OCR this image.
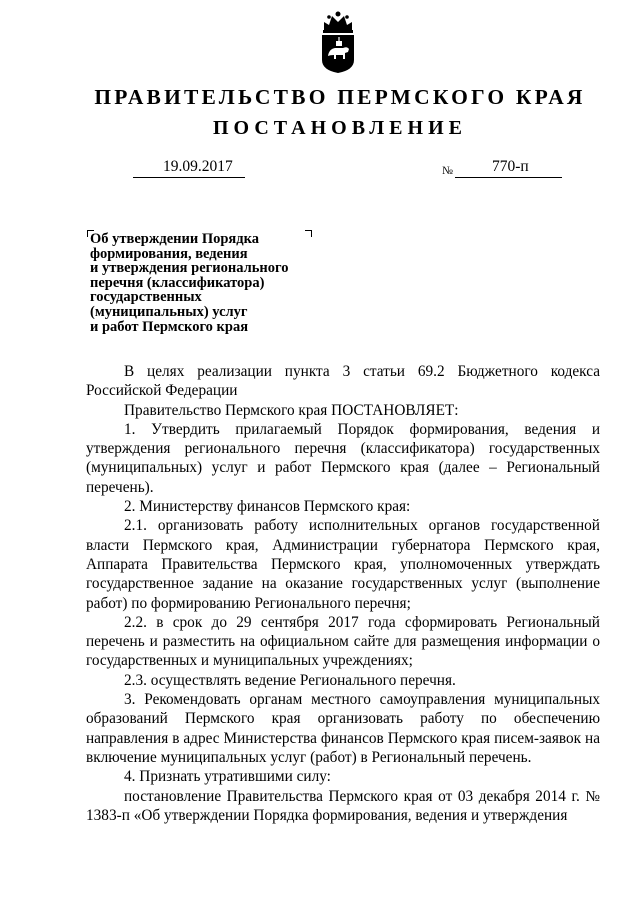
ПРАВИТЕЛЬСТВО ПЕРМСКОГО КРАЯ
ПОСТАНОВЛЕНИЕ
19.09.2017	№	770-п
Об утверждении Порядка
формирования, ведения
и утверждения регионального
перечня (классификатора)
государственных
(муниципальных) услуг
и работ Пермского края

В целях реализации пункта 3 статьи 69.2 Бюджетного кодекса Российской Федерации

Правительство Пермского края ПОСТАНОВЛЯЕТ:

1. Утвердить прилагаемый Порядок формирования, ведения и утверждения регионального перечня (классификатора) государственных (муниципальных) услуг и работ Пермского края (далее – Региональный перечень).

2. Министерству финансов Пермского края:

2.1. организовать работу исполнительных органов государственной власти Пермского края, Администрации губернатора Пермского края, Аппарата Правительства Пермского края, уполномоченных утверждать государственное задание на оказание государственных услуг (выполнение работ) по формированию Регионального перечня;

2.2. в срок до 29 сентября 2017 года сформировать Региональный перечень и разместить на официальном сайте для размещения информации о государственных и муниципальных учреждениях;

2.3. осуществлять ведение Регионального перечня.

3. Рекомендовать органам местного самоуправления муниципальных образований Пермского края организовать работу по обеспечению направления в адрес Министерства финансов Пермского края писем-заявок на включение муниципальных услуг (работ) в Региональный перечень.

4. Признать утратившими силу:

постановление Правительства Пермского края от 03 декабря 2014 г. № 1383-п «Об утверждении Порядка формирования, ведения и утверждения
